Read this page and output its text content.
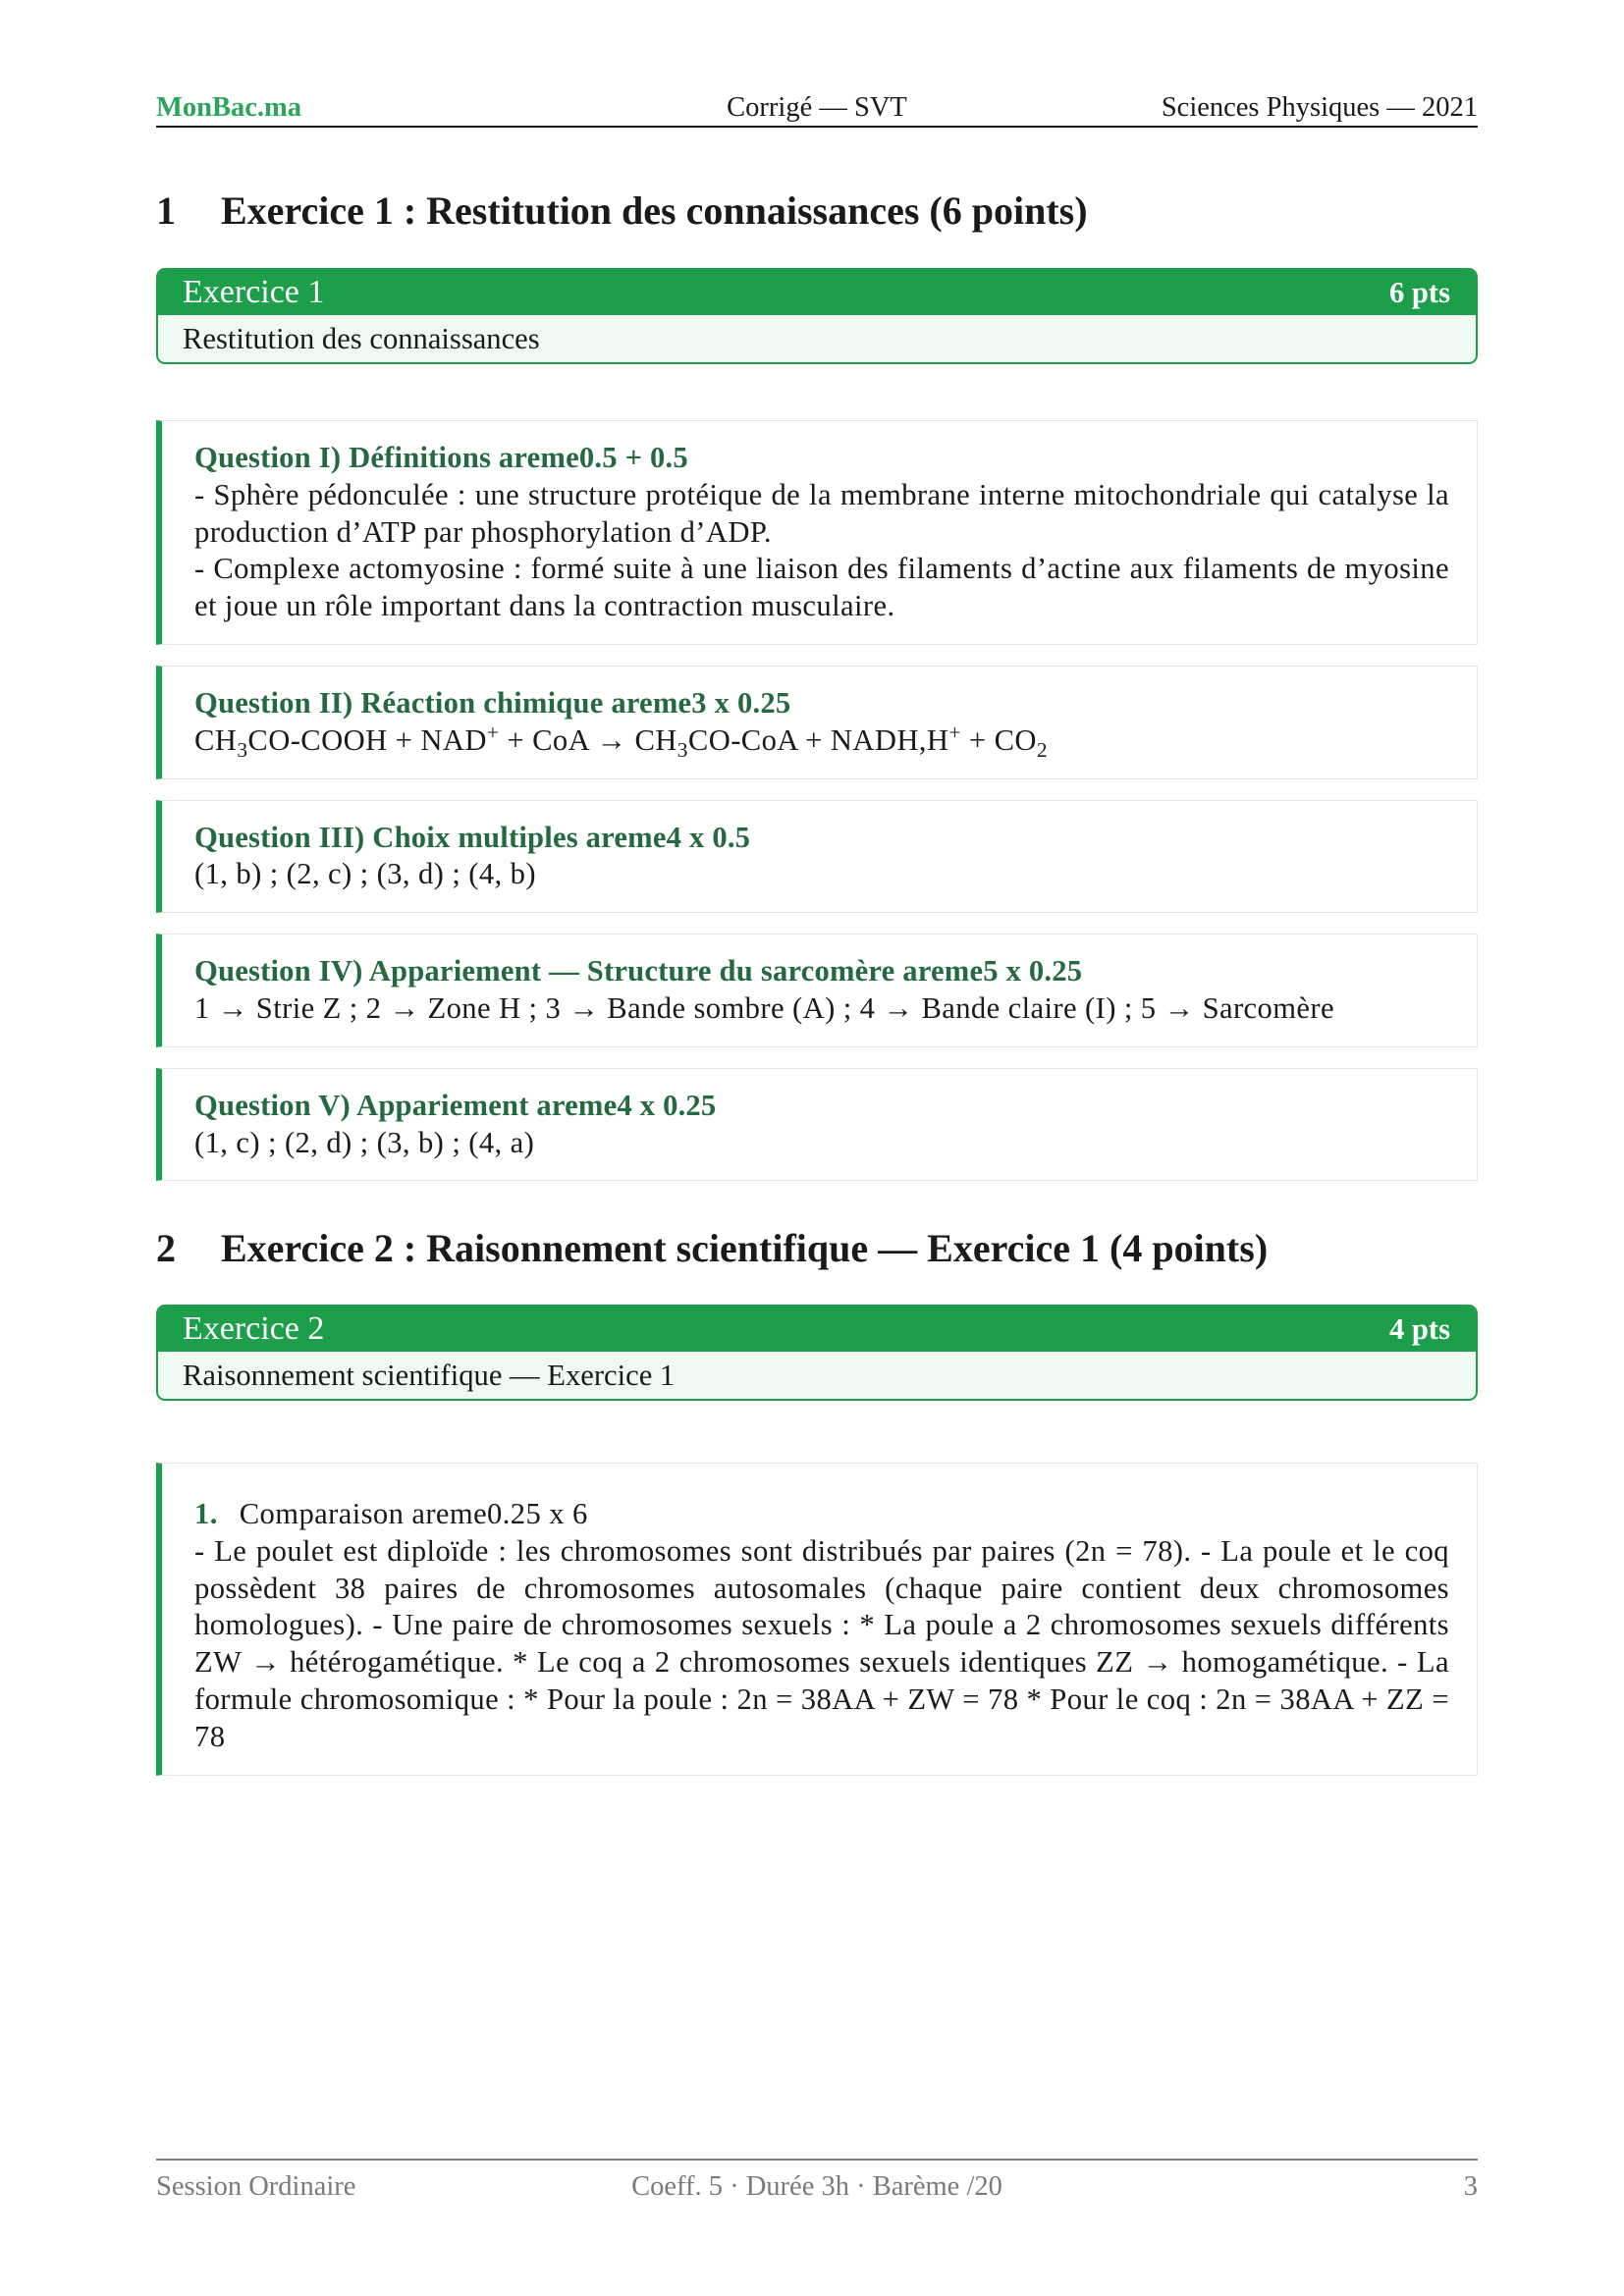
MonBac.ma	Corrigé — SVT	Sciences Physiques — 2021
1 Exercice 1 : Restitution des connaissances (6 points)
Exercice 1	6 pts
Restitution des connaissances
Question I) Définitions areme0.5 + 0.5
- Sphère pédonculée : une structure protéique de la membrane interne mitochondriale qui catalyse la production d’ATP par phosphorylation d’ADP.
- Complexe actomyosine : formé suite à une liaison des filaments d’actine aux filaments de myosine et joue un rôle important dans la contraction musculaire.
Question II) Réaction chimique areme3 x 0.25
$CH_3CO$-COOH + NAD+ + CoA → $CH_3CO$-CoA + NADH,H+ + $CO_2$
Question III) Choix multiples areme4 x 0.5
(1, b) ; (2, c) ; (3, d) ; (4, b)
Question IV) Appariement — Structure du sarcomère areme5 x 0.25
1 → Strie Z ; 2 → Zone H ; 3 → Bande sombre (A) ; 4 → Bande claire (I) ; 5 → Sarcomère
Question V) Appariement areme4 x 0.25
(1, c) ; (2, d) ; (3, b) ; (4, a)
2 Exercice 2 : Raisonnement scientifique — Exercice 1 (4 points)
Exercice 2	4 pts
Raisonnement scientifique — Exercice 1
1. Comparaison areme0.25 x 6
- Le poulet est diploïde : les chromosomes sont distribués par paires (2n = 78). - La poule et le coq possèdent 38 paires de chromosomes autosomales (chaque paire contient deux chromosomes homologues). - Une paire de chromosomes sexuels : * La poule a 2 chromosomes sexuels différents ZW → hétérogamétique. * Le coq a 2 chromosomes sexuels identiques ZZ → homogamétique. - La formule chromosomique : * Pour la poule : 2n = 38AA + ZW = 78 * Pour le coq : 2n = 38AA + ZZ = 78
Session Ordinaire	Coeff. 5 · Durée 3h · Barème /20	3
